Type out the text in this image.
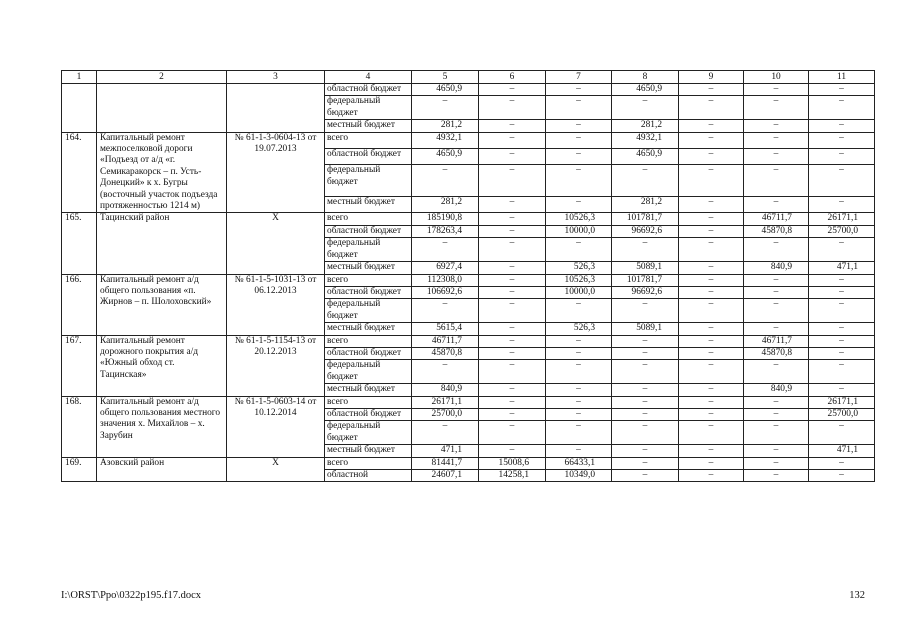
1	2	3	4	5	6	7	8	9	10	11
			областной бюджет	4650,9	–	–	4650,9	–	–	–
			федеральный бюджет	–	–	–	–	–	–	–
			местный бюджет	281,2	–	–	281,2	–	–	–
164.	Капитальный ремонт межпоселковой дороги «Подъезд от а/д «г. Семикаракорск – п. Усть-Донецкий» к х. Бугры (восточный участок подъезда протяженностью 1214 м)	№ 61-1-3-0604-13 от 19.07.2013	всего	4932,1	–	–	4932,1	–	–	–
			областной бюджет	4650,9	–	–	4650,9	–	–	–
			федеральный бюджет	–	–	–	–	–	–	–
			местный бюджет	281,2	–	–	281,2	–	–	–
165.	Тацинский район	Х	всего	185190,8	–	10526,3	101781,7	–	46711,7	26171,1
			областной бюджет	178263,4	–	10000,0	96692,6	–	45870,8	25700,0
			федеральный бюджет	–	–	–	–	–	–	–
			местный бюджет	6927,4	–	526,3	5089,1	–	840,9	471,1
166.	Капитальный ремонт а/д общего пользования «п. Жирнов – п. Шолоховский»	№ 61-1-5-1031-13 от 06.12.2013	всего	112308,0	–	10526,3	101781,7	–	–	–
			областной бюджет	106692,6	–	10000,0	96692,6	–	–	–
			федеральный бюджет	–	–	–	–	–	–	–
			местный бюджет	5615,4	–	526,3	5089,1	–	–	–
167.	Капитальный ремонт дорожного покрытия а/д «Южный обход ст. Тацинская»	№ 61-1-5-1154-13 от 20.12.2013	всего	46711,7	–	–	–	–	46711,7	–
			областной бюджет	45870,8	–	–	–	–	45870,8	–
			федеральный бюджет	–	–	–	–	–	–	–
			местный бюджет	840,9	–	–	–	–	840,9	–
168.	Капитальный ремонт а/д общего пользования местного значения х. Михайлов – х. Зарубин	№ 61-1-5-0603-14 от 10.12.2014	всего	26171,1	–	–	–	–	–	26171,1
			областной бюджет	25700,0	–	–	–	–	–	25700,0
			федеральный бюджет	–	–	–	–	–	–	–
			местный бюджет	471,1	–	–	–	–	–	471,1
169.	Азовский район	Х	всего	81441,7	15008,6	66433,1	–	–	–	–
			областной	24607,1	14258,1	10349,0	–	–	–	–
I:\ORST\Ppo\0322p195.f17.docx	132
